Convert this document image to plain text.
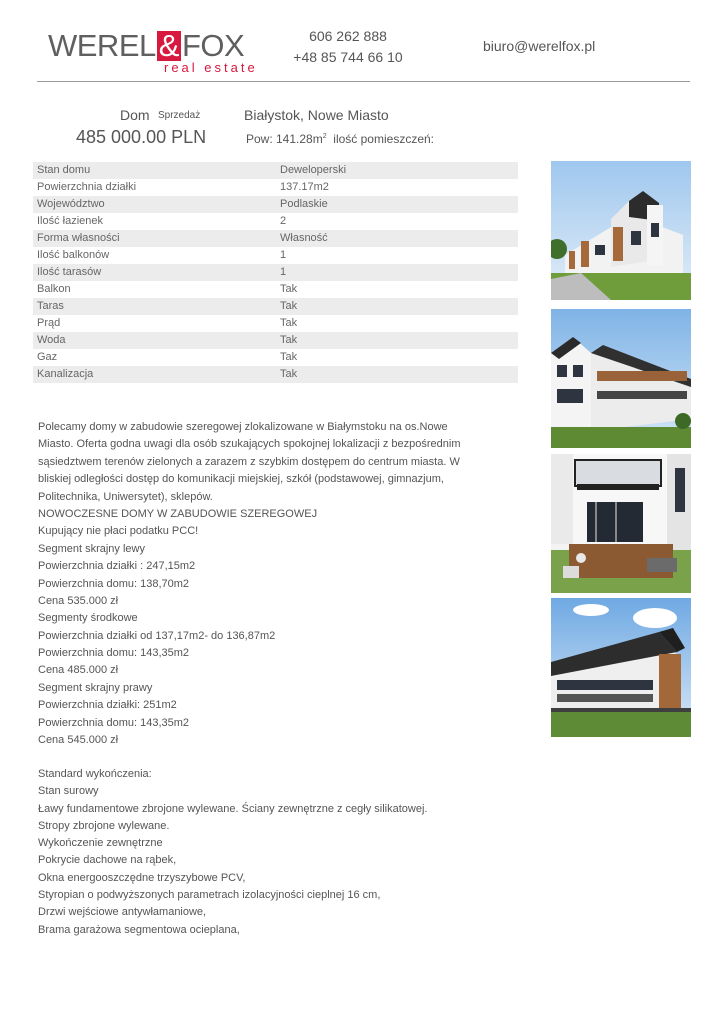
WEREL&FOX
real estate
606 262 888
+48 85 744 66 10
biuro@werelfox.pl
Dom Sprzedaż	Białystok, Nowe Miasto
485 000.00 PLN	Pow: $141.28m^2$ ilość pomieszczeń:
Stan domu	Deweloperski
Powierzchnia działki	137.17m2
Województwo	Podlaskie
Ilość łazienek	2
Forma własności	Własność
Ilość balkonów	1
Ilość tarasów	1
Balkon	Tak
Taras	Tak
Prąd	Tak
Woda	Tak
Gaz	Tak
Kanalizacja	Tak
Polecamy domy w zabudowie szeregowej zlokalizowane w Białymstoku na os.Nowe
Miasto. Oferta godna uwagi dla osób szukających spokojnej lokalizacji z bezpośrednim
sąsiedztwem terenów zielonych a zarazem z szybkim dostępem do centrum miasta. W
bliskiej odległości dostęp do komunikacji miejskiej, szkół (podstawowej, gimnazjum,
Politechnika, Uniwersytet), sklepów.
NOWOCZESNE DOMY W ZABUDOWIE SZEREGOWEJ
Kupujący nie płaci podatku PCC!
Segment skrajny lewy
Powierzchnia działki : 247,15m2
Powierzchnia domu: 138,70m2
Cena 535.000 zł
Segmenty środkowe
Powierzchnia działki od 137,17m2- do 136,87m2
Powierzchnia domu: 143,35m2
Cena 485.000 zł
Segment skrajny prawy
Powierzchnia działki: 251m2
Powierzchnia domu: 143,35m2
Cena 545.000 zł
Standard wykończenia:
Stan surowy
Ławy fundamentowe zbrojone wylewane. Ściany zewnętrzne z cegły silikatowej.
Stropy zbrojone wylewane.
Wykończenie zewnętrzne
Pokrycie dachowe na rąbek,
Okna energooszczędne trzyszybowe PCV,
Styropian o podwyższonych parametrach izolacyjności cieplnej 16 cm,
Drzwi wejściowe antywłamaniowe,
Brama garażowa segmentowa ocieplana,
